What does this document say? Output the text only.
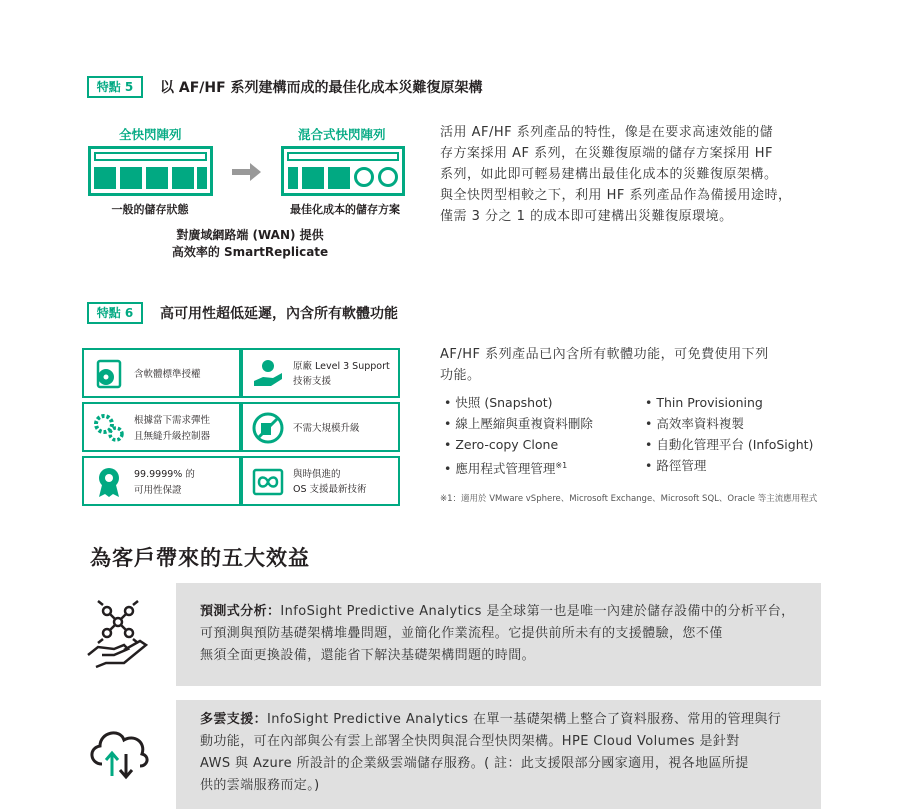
特點 5	以 AF/HF 系列建構而成的最佳化成本災難復原架構
全快閃陣列	混合式快閃陣列
一般的儲存狀態	最佳化成本的儲存方案
對廣域網路端 (WAN) 提供
高效率的 SmartReplicate
活用 AF/HF 系列產品的特性，像是在要求高速效能的儲
存方案採用 AF 系列，在災難復原端的儲存方案採用 HF
系列，如此即可輕易建構出最佳化成本的災難復原架構。
與全快閃型相較之下，利用 HF 系列產品作為備援用途時，
僅需 3 分之 1 的成本即可建構出災難復原環境。
特點 6	高可用性超低延遲，內含所有軟體功能
含軟體標準授權
原廠 Level 3 Support
技術支援
根據當下需求彈性
且無縫升級控制器
不需大規模升級
99.9999% 的
可用性保證
與時俱進的
OS 支援最新技術
AF/HF 系列產品已內含所有軟體功能，可免費使用下列
功能。
• 快照 (Snapshot)
• 線上壓縮與重複資料刪除
• Zero-copy Clone
• 應用程式管理管理$^{※1}$
• Thin Provisioning
• 高效率資料複製
• 自動化管理平台 (InfoSight)
• 路徑管理
※1：適用於 VMware vSphere、Microsoft Exchange、Microsoft SQL、Oracle 等主流應用程式
為客戶帶來的五大效益
預測式分析：InfoSight Predictive Analytics 是全球第一也是唯一內建於儲存設備中的分析平台，
可預測與預防基礎架構堆疊問題，並簡化作業流程。它提供前所未有的支援體驗，您不僅
無須全面更換設備，還能省下解決基礎架構問題的時間。
多雲支援：InfoSight Predictive Analytics 在單一基礎架構上整合了資料服務、常用的管理與行
動功能，可在內部與公有雲上部署全快閃與混合型快閃架構。HPE Cloud Volumes 是針對
AWS 與 Azure 所設計的企業級雲端儲存服務。( 註：此支援限部分國家適用，視各地區所提
供的雲端服務而定。)
